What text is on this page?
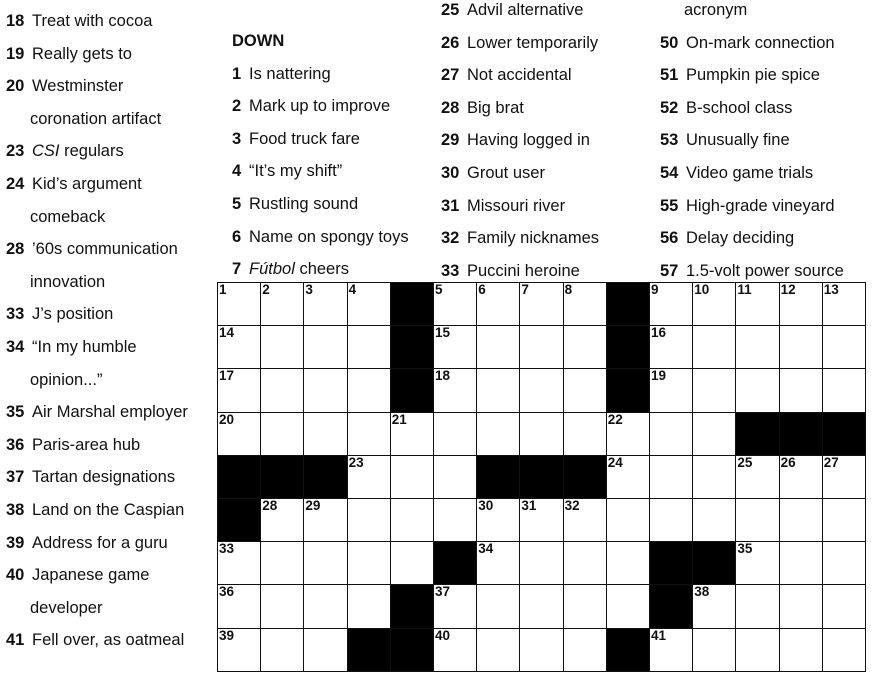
18 Treat with cocoa
19 Really gets to
20 Westminster
coronation artifact
23 CSI regulars
24 Kid’s argument
comeback
28 ’60s communication
innovation
33 J’s position
34 “In my humble
opinion...”
35 Air Marshal employer
36 Paris-area hub
37 Tartan designations
38 Land on the Caspian
39 Address for a guru
40 Japanese game
developer
41 Fell over, as oatmeal
DOWN
1 Is nattering
2 Mark up to improve
3 Food truck fare
4 “It’s my shift”
5 Rustling sound
6 Name on spongy toys
7 Fútbol cheers
25 Advil alternative
26 Lower temporarily
27 Not accidental
28 Big brat
29 Having logged in
30 Grout user
31 Missouri river
32 Family nicknames
33 Puccini heroine
acronym
50 On-mark connection
51 Pumpkin pie spice
52 B-school class
53 Unusually fine
54 Video game trials
55 High-grade vineyard
56 Delay deciding
57 1.5-volt power source
1	2	3	4	5	6	7	8	9	10 11 12 13
14	15	16
17	18	19
20	21	22
23	24	25 26 27
28 29	30 31 32
33	34	35
36	37	38
39	40	41
